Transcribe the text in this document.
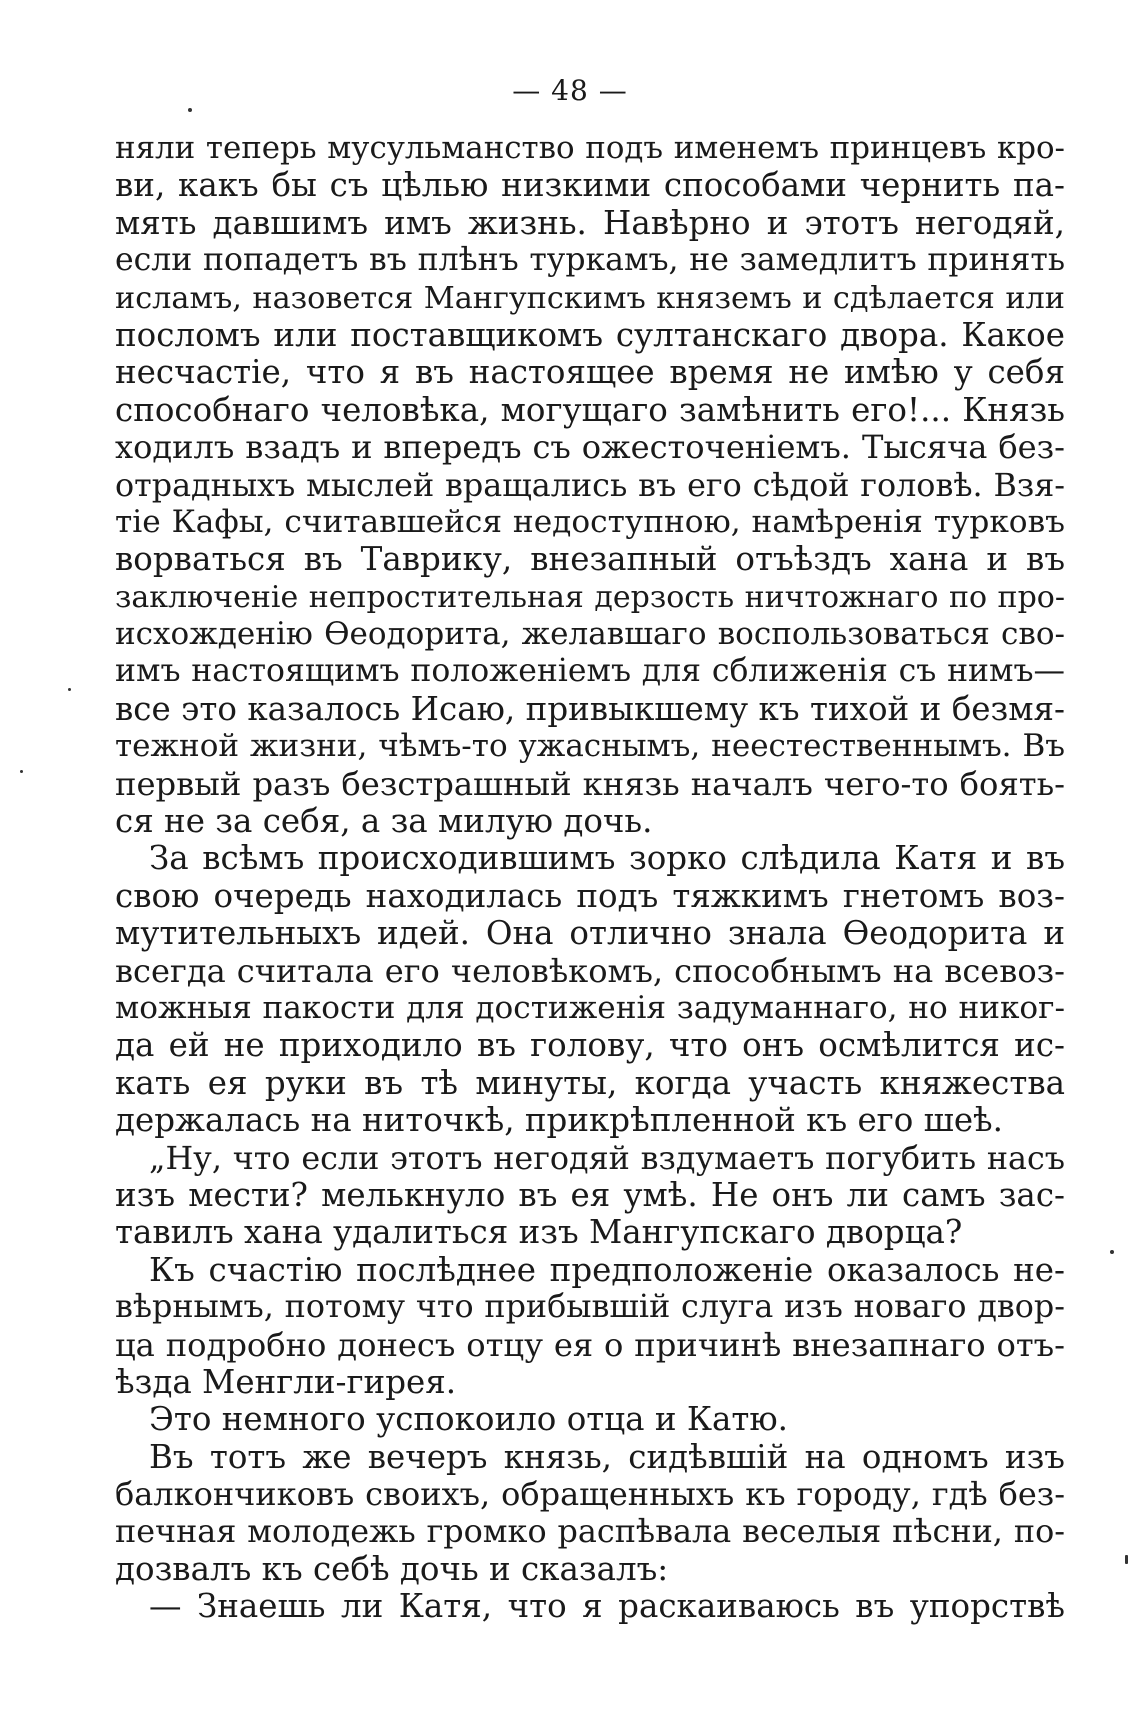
— 48 —
няли теперь мусульманство подъ именемъ принцевъ кро-
ви, какъ бы съ цѣлью низкими способами чернить па-
мять давшимъ имъ жизнь. Навѣрно и этотъ негодяй,
если попадетъ въ плѣнъ туркамъ, не замедлитъ принять
исламъ, назовется Мангупскимъ княземъ и сдѣлается или
посломъ или поставщикомъ султанскаго двора. Какое
несчастіе, что я въ настоящее время не имѣю у себя
способнаго человѣка, могущаго замѣнить его!... Князь
ходилъ взадъ и впередъ съ ожесточеніемъ. Тысяча без-
отрадныхъ мыслей вращались въ его сѣдой головѣ. Взя-
тіе Кафы, считавшейся недоступною, намѣренія турковъ
ворваться въ Таврику, внезапный отъѣздъ хана и въ
заключеніе непростительная дерзость ничтожнаго по про-
исхожденію Ѳеодорита, желавшаго воспользоваться сво-
имъ настоящимъ положеніемъ для сближенія съ нимъ—
все это казалось Исаю, привыкшему къ тихой и безмя-
тежной жизни, чѣмъ-то ужаснымъ, неестественнымъ. Въ
первый разъ безстрашный князь началъ чего-то боять-
ся не за себя, а за милую дочь.
За всѣмъ происходившимъ зорко слѣдила Катя и въ
свою очередь находилась подъ тяжкимъ гнетомъ воз-
мутительныхъ идей. Она отлично знала Ѳеодорита и
всегда считала его человѣкомъ, способнымъ на всевоз-
можныя пакости для достиженія задуманнаго, но никог-
да ей не приходило въ голову, что онъ осмѣлится ис-
кать ея руки въ тѣ минуты, когда участь княжества
держалась на ниточкѣ, прикрѣпленной къ его шеѣ.
„Ну, что если этотъ негодяй вздумаетъ погубить насъ
изъ мести? мелькнуло въ ея умѣ. Не онъ ли самъ зас-
тавилъ хана удалиться изъ Мангупскаго дворца?
Къ счастію послѣднее предположеніе оказалось не-
вѣрнымъ, потому что прибывшій слуга изъ новаго двор-
ца подробно донесъ отцу ея о причинѣ внезапнаго отъ-
ѣзда Менгли-гирея.
Это немного успокоило отца и Катю.
Въ тотъ же вечеръ князь, сидѣвшій на одномъ изъ
балкончиковъ своихъ, обращенныхъ къ городу, гдѣ без-
печная молодежь громко распѣвала веселыя пѣсни, по-
дозвалъ къ себѣ дочь и сказалъ:
— Знаешь ли Катя, что я раскаиваюсь въ упорствѣ
